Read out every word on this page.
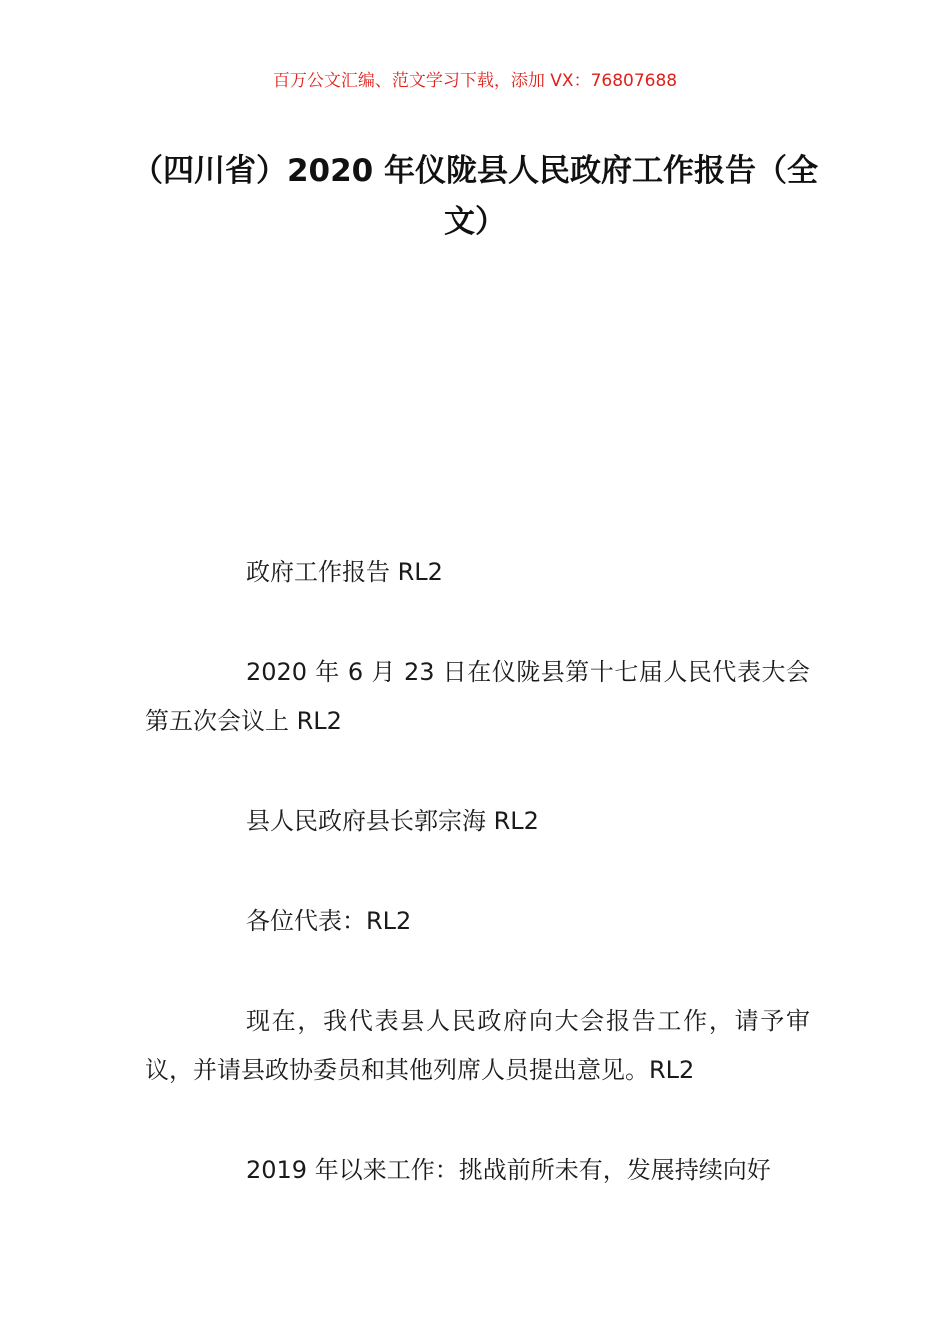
百万公文汇编、范文学习下载，添加 VX：76807688
（四川省）2020 年仪陇县人民政府工作报告（全文）

政府工作报告 RL2

2020 年 6 月 23 日在仪陇县第十七届人民代表大会第五次会议上 RL2

县人民政府县长郭宗海 RL2

各位代表：RL2

现在，我代表县人民政府向大会报告工作，请予审议，并请县政协委员和其他列席人员提出意见。RL2

2019 年以来工作：挑战前所未有，发展持续向好
